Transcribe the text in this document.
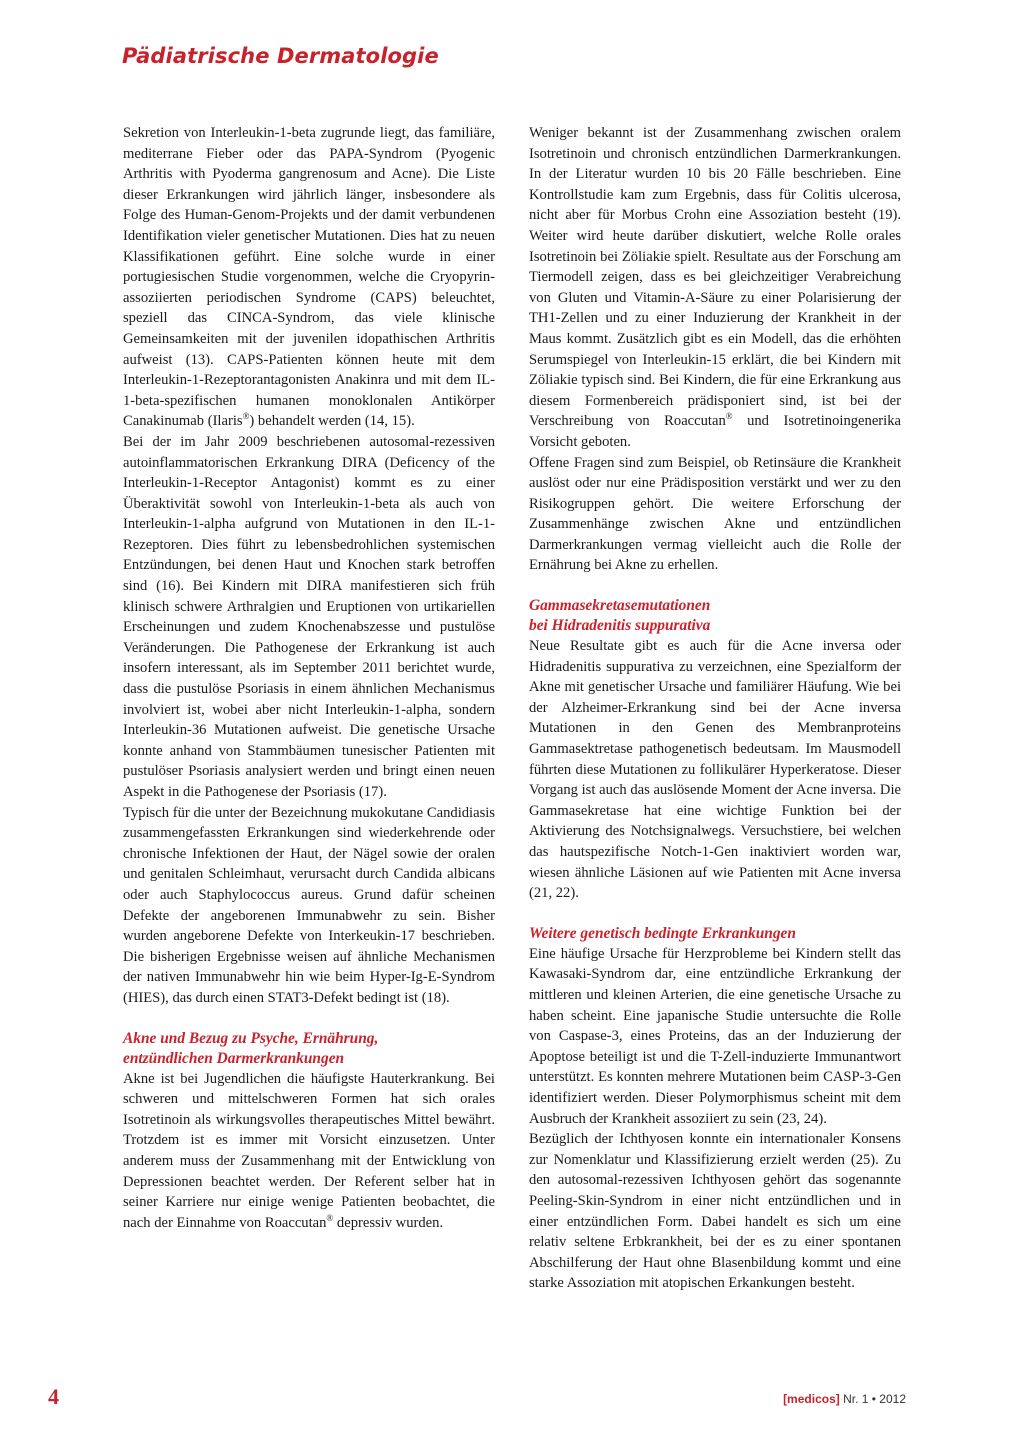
Pädiatrische Dermatologie

Sekretion von Interleukin-1-beta zugrunde liegt, das familiäre, mediterrane Fieber oder das PAPA-Syndrom (Pyogenic Arthritis with Pyoderma gangrenosum and Acne). Die Liste dieser Erkrankungen wird jährlich länger, insbesondere als Folge des Human-Genom-Projekts und der damit verbundenen Identifikation vieler genetischer Mutationen. Dies hat zu neuen Klassifikationen geführt. Eine solche wurde in einer portugiesischen Studie vorgenommen, welche die Cryopyrin-assoziierten periodischen Syndrome (CAPS) beleuchtet, speziell das CINCA-Syndrom, das viele klinische Gemeinsamkeiten mit der juvenilen idopathischen Arthritis aufweist (13). CAPS-Patienten können heute mit dem Interleukin-1-Rezeptorantagonisten Anakinra und mit dem IL-1-beta-spezifischen humanen monoklonalen Antikörper Canakinumab (Ilaris®) behandelt werden (14, 15).

Bei der im Jahr 2009 beschriebenen autosomal-rezessiven autoinflammatorischen Erkrankung DIRA (Deficency of the Interleukin-1-Receptor Antagonist) kommt es zu einer Überaktivität sowohl von Interleukin-1-beta als auch von Interleukin-1-alpha aufgrund von Mutationen in den IL-1-Rezeptoren. Dies führt zu lebensbedrohlichen systemischen Entzündungen, bei denen Haut und Knochen stark betroffen sind (16). Bei Kindern mit DIRA manifestieren sich früh klinisch schwere Arthralgien und Eruptionen von urtikariellen Erscheinungen und zudem Knochenabszesse und pustulöse Veränderungen. Die Pathogenese der Erkrankung ist auch insofern interessant, als im September 2011 berichtet wurde, dass die pustulöse Psoriasis in einem ähnlichen Mechanismus involviert ist, wobei aber nicht Interleukin-1-alpha, sondern Interleukin-36 Mutationen aufweist. Die genetische Ursache konnte anhand von Stammbäumen tunesischer Patienten mit pustulöser Psoriasis analysiert werden und bringt einen neuen Aspekt in die Pathogenese der Psoriasis (17).

Typisch für die unter der Bezeichnung mukokutane Candidiasis zusammengefassten Erkrankungen sind wiederkehrende oder chronische Infektionen der Haut, der Nägel sowie der oralen und genitalen Schleimhaut, verursacht durch Candida albicans oder auch Staphylococcus aureus. Grund dafür scheinen Defekte der angeborenen Immunabwehr zu sein. Bisher wurden angeborene Defekte von Interkeukin-17 beschrieben. Die bisherigen Ergebnisse weisen auf ähnliche Mechanismen der nativen Immunabwehr hin wie beim Hyper-Ig-E-Syndrom (HIES), das durch einen STAT3-Defekt bedingt ist (18).

Akne und Bezug zu Psyche, Ernährung,
entzündlichen Darmerkrankungen

Akne ist bei Jugendlichen die häufigste Hauterkrankung. Bei schweren und mittelschweren Formen hat sich orales Isotretinoin als wirkungsvolles therapeutisches Mittel bewährt. Trotzdem ist es immer mit Vorsicht einzusetzen. Unter anderem muss der Zusammenhang mit der Entwicklung von Depressionen beachtet werden. Der Referent selber hat in seiner Karriere nur einige wenige Patienten beobachtet, die nach der Einnahme von Roaccutan® depressiv wurden.

Weniger bekannt ist der Zusammenhang zwischen oralem Isotretinoin und chronisch entzündlichen Darmerkrankungen. In der Literatur wurden 10 bis 20 Fälle beschrieben. Eine Kontrollstudie kam zum Ergebnis, dass für Colitis ulcerosa, nicht aber für Morbus Crohn eine Assoziation besteht (19). Weiter wird heute darüber diskutiert, welche Rolle orales Isotretinoin bei Zöliakie spielt. Resultate aus der Forschung am Tiermodell zeigen, dass es bei gleichzeitiger Verabreichung von Gluten und Vitamin-A-Säure zu einer Polarisierung der TH1-Zellen und zu einer Induzierung der Krankheit in der Maus kommt. Zusätzlich gibt es ein Modell, das die erhöhten Serumspiegel von Interleukin-15 erklärt, die bei Kindern mit Zöliakie typisch sind. Bei Kindern, die für eine Erkrankung aus diesem Formenbereich prädisponiert sind, ist bei der Verschreibung von Roaccutan® und Isotretinoingenerika Vorsicht geboten.

Offene Fragen sind zum Beispiel, ob Retinsäure die Krankheit auslöst oder nur eine Prädisposition verstärkt und wer zu den Risikogruppen gehört. Die weitere Erforschung der Zusammenhänge zwischen Akne und entzündlichen Darmerkrankungen vermag vielleicht auch die Rolle der Ernährung bei Akne zu erhellen.

Gammasekretasemutationen
bei Hidradenitis suppurativa

Neue Resultate gibt es auch für die Acne inversa oder Hidradenitis suppurativa zu verzeichnen, eine Spezialform der Akne mit genetischer Ursache und familiärer Häufung. Wie bei der Alzheimer-Erkrankung sind bei der Acne inversa Mutationen in den Genen des Membranproteins Gammasektretase pathogenetisch bedeutsam. Im Mausmodell führten diese Mutationen zu follikulärer Hyperkeratose. Dieser Vorgang ist auch das auslösende Moment der Acne inversa. Die Gammasekretase hat eine wichtige Funktion bei der Aktivierung des Notchsignalwegs. Versuchstiere, bei welchen das hautspezifische Notch-1-Gen inaktiviert worden war, wiesen ähnliche Läsionen auf wie Patienten mit Acne inversa (21, 22).

Weitere genetisch bedingte Erkrankungen

Eine häufige Ursache für Herzprobleme bei Kindern stellt das Kawasaki-Syndrom dar, eine entzündliche Erkrankung der mittleren und kleinen Arterien, die eine genetische Ursache zu haben scheint. Eine japanische Studie untersuchte die Rolle von Caspase-3, eines Proteins, das an der Induzierung der Apoptose beteiligt ist und die T-Zell-induzierte Immunantwort unterstützt. Es konnten mehrere Mutationen beim CASP-3-Gen identifiziert werden. Dieser Polymorphismus scheint mit dem Ausbruch der Krankheit assoziiert zu sein (23, 24).

Bezüglich der Ichthyosen konnte ein internationaler Konsens zur Nomenklatur und Klassifizierung erzielt werden (25). Zu den autosomal-rezessiven Ichthyosen gehört das sogenannte Peeling-Skin-Syndrom in einer nicht entzündlichen und in einer entzündlichen Form. Dabei handelt es sich um eine relativ seltene Erbkrankheit, bei der es zu einer spontanen Abschilferung der Haut ohne Blasenbildung kommt und eine starke Assoziation mit atopischen Erkankungen besteht.

4	[medicos] Nr. 1 • 2012
